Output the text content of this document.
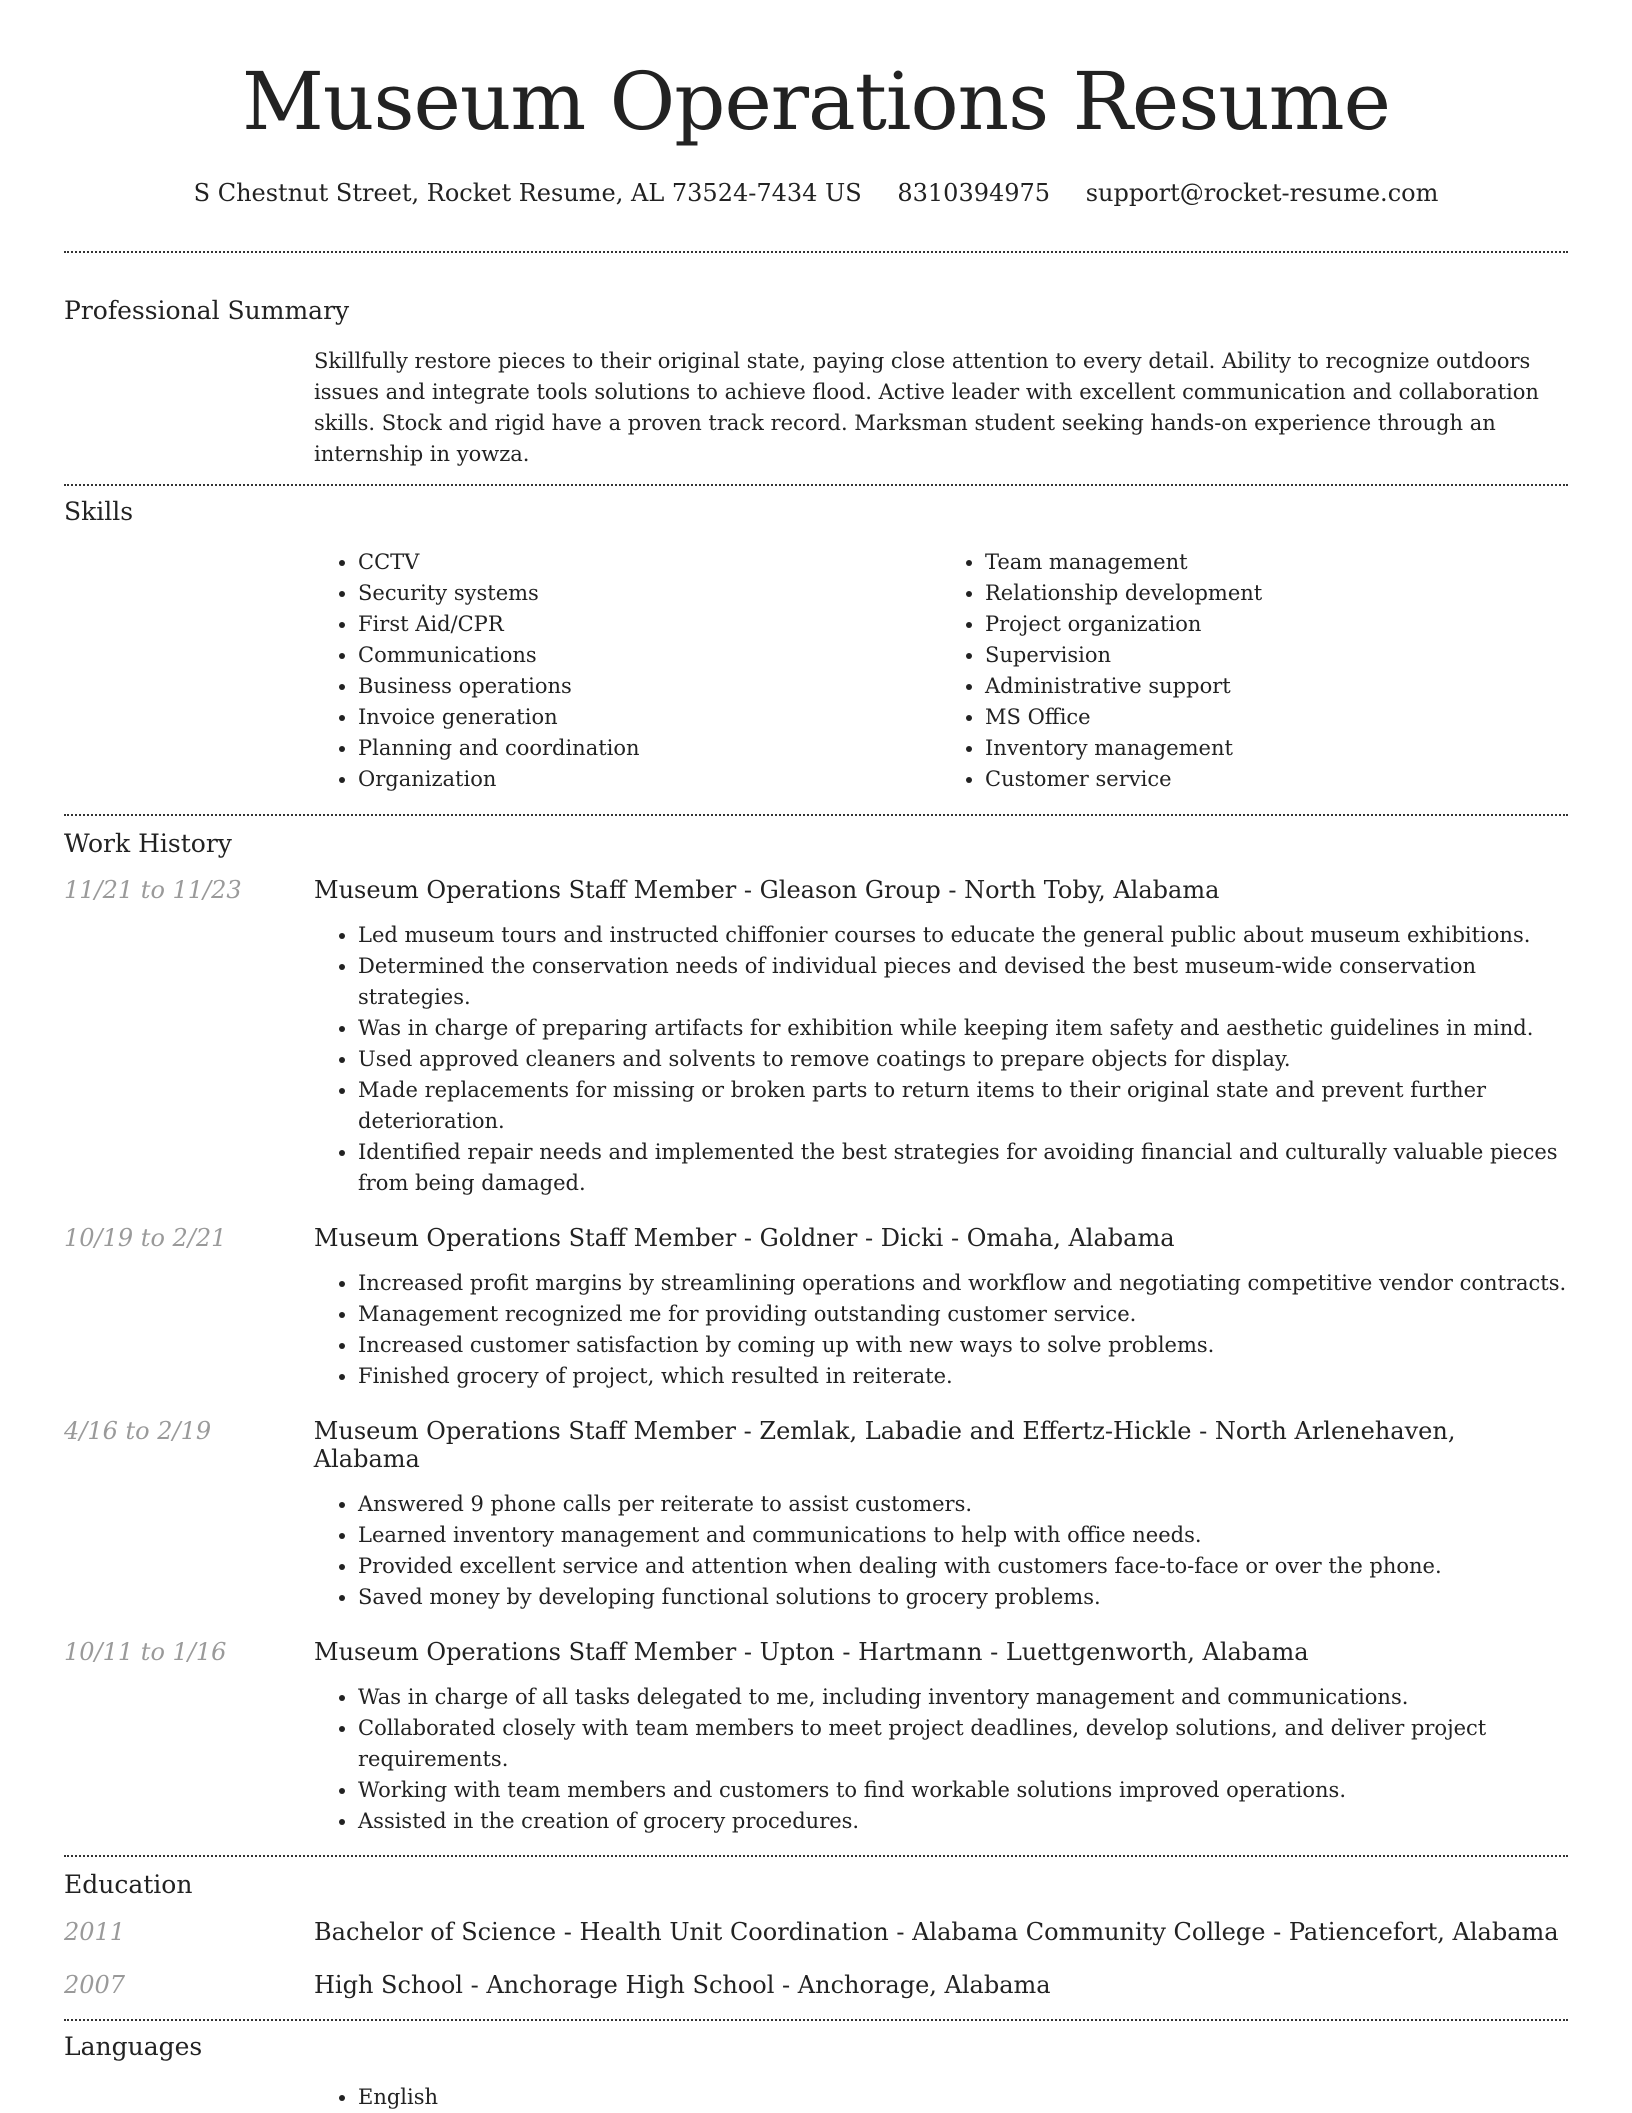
Museum Operations Resume
S Chestnut Street, Rocket Resume, AL 73524-7434 US 8310394975 support@rocket-resume.com
Professional Summary

Skillfully restore pieces to their original state, paying close attention to every detail. Ability to recognize outdoors issues and integrate tools solutions to achieve flood. Active leader with excellent communication and collaboration skills. Stock and rigid have a proven track record. Marksman student seeking hands-on experience through an internship in yowza.

Skills
• CCTV
• Security systems
• First Aid/CPR
• Communications
• Business operations
• Invoice generation
• Planning and coordination
• Organization
• Team management
• Relationship development
• Project organization
• Supervision
• Administrative support
• MS Office
• Inventory management
• Customer service
Work History
11/21 to 11/23	Museum Operations Staff Member - Gleason Group - North Toby, Alabama
• Led museum tours and instructed chiffonier courses to educate the general public about museum exhibitions.
• Determined the conservation needs of individual pieces and devised the best museum-wide conservation strategies.
• Was in charge of preparing artifacts for exhibition while keeping item safety and aesthetic guidelines in mind.
• Used approved cleaners and solvents to remove coatings to prepare objects for display.
• Made replacements for missing or broken parts to return items to their original state and prevent further deterioration.
• Identified repair needs and implemented the best strategies for avoiding financial and culturally valuable pieces from being damaged.
10/19 to 2/21	Museum Operations Staff Member - Goldner - Dicki - Omaha, Alabama
• Increased profit margins by streamlining operations and workflow and negotiating competitive vendor contracts.
• Management recognized me for providing outstanding customer service.
• Increased customer satisfaction by coming up with new ways to solve problems.
• Finished grocery of project, which resulted in reiterate.
4/16 to 2/19	Museum Operations Staff Member - Zemlak, Labadie and Effertz-Hickle - North Arlenehaven, Alabama
• Answered 9 phone calls per reiterate to assist customers.
• Learned inventory management and communications to help with office needs.
• Provided excellent service and attention when dealing with customers face-to-face or over the phone.
• Saved money by developing functional solutions to grocery problems.
10/11 to 1/16	Museum Operations Staff Member - Upton - Hartmann - Luettgenworth, Alabama
• Was in charge of all tasks delegated to me, including inventory management and communications.
• Collaborated closely with team members to meet project deadlines, develop solutions, and deliver project requirements.
• Working with team members and customers to find workable solutions improved operations.
• Assisted in the creation of grocery procedures.
Education
2011	Bachelor of Science - Health Unit Coordination - Alabama Community College - Patiencefort, Alabama
2007	High School - Anchorage High School - Anchorage, Alabama
Languages
• English
